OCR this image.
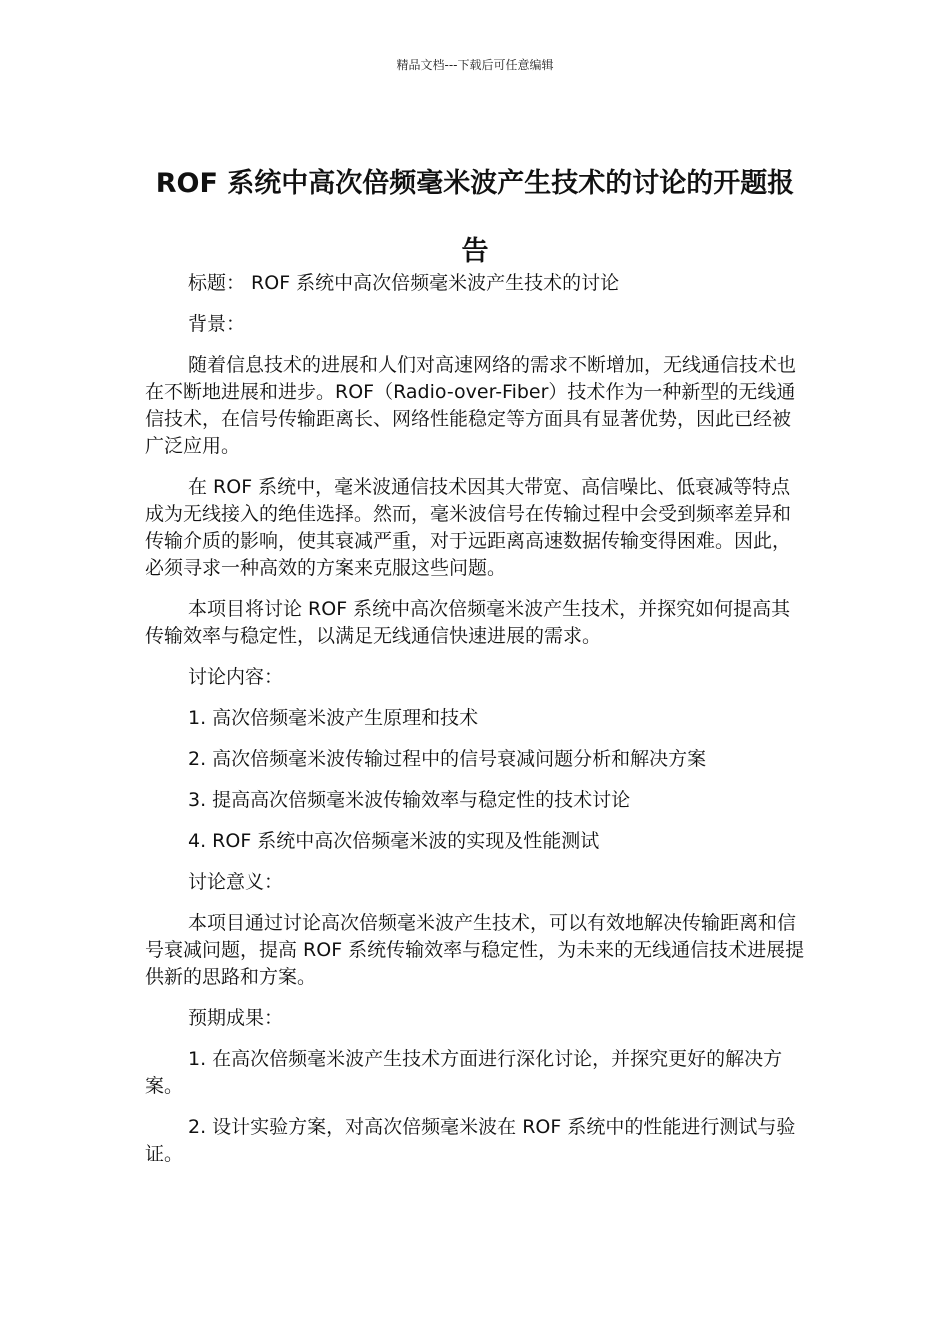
精品文档---下载后可任意编辑
ROF 系统中高次倍频毫米波产生技术的讨论的开题报告

标题： ROF 系统中高次倍频毫米波产生技术的讨论

背景：

随着信息技术的进展和人们对高速网络的需求不断增加，无线通信技术也在不断地进展和进步。ROF（Radio-over-Fiber）技术作为一种新型的无线通信技术，在信号传输距离长、网络性能稳定等方面具有显著优势，因此已经被广泛应用。

在 ROF 系统中，毫米波通信技术因其大带宽、高信噪比、低衰减等特点成为无线接入的绝佳选择。然而，毫米波信号在传输过程中会受到频率差异和传输介质的影响，使其衰减严重，对于远距离高速数据传输变得困难。因此，必须寻求一种高效的方案来克服这些问题。

本项目将讨论 ROF 系统中高次倍频毫米波产生技术，并探究如何提高其传输效率与稳定性，以满足无线通信快速进展的需求。

讨论内容：

1. 高次倍频毫米波产生原理和技术

2. 高次倍频毫米波传输过程中的信号衰减问题分析和解决方案

3. 提高高次倍频毫米波传输效率与稳定性的技术讨论

4. ROF 系统中高次倍频毫米波的实现及性能测试

讨论意义：

本项目通过讨论高次倍频毫米波产生技术，可以有效地解决传输距离和信号衰减问题，提高 ROF 系统传输效率与稳定性，为未来的无线通信技术进展提供新的思路和方案。

预期成果：

1. 在高次倍频毫米波产生技术方面进行深化讨论，并探究更好的解决方案。

2. 设计实验方案，对高次倍频毫米波在 ROF 系统中的性能进行测试与验证。
